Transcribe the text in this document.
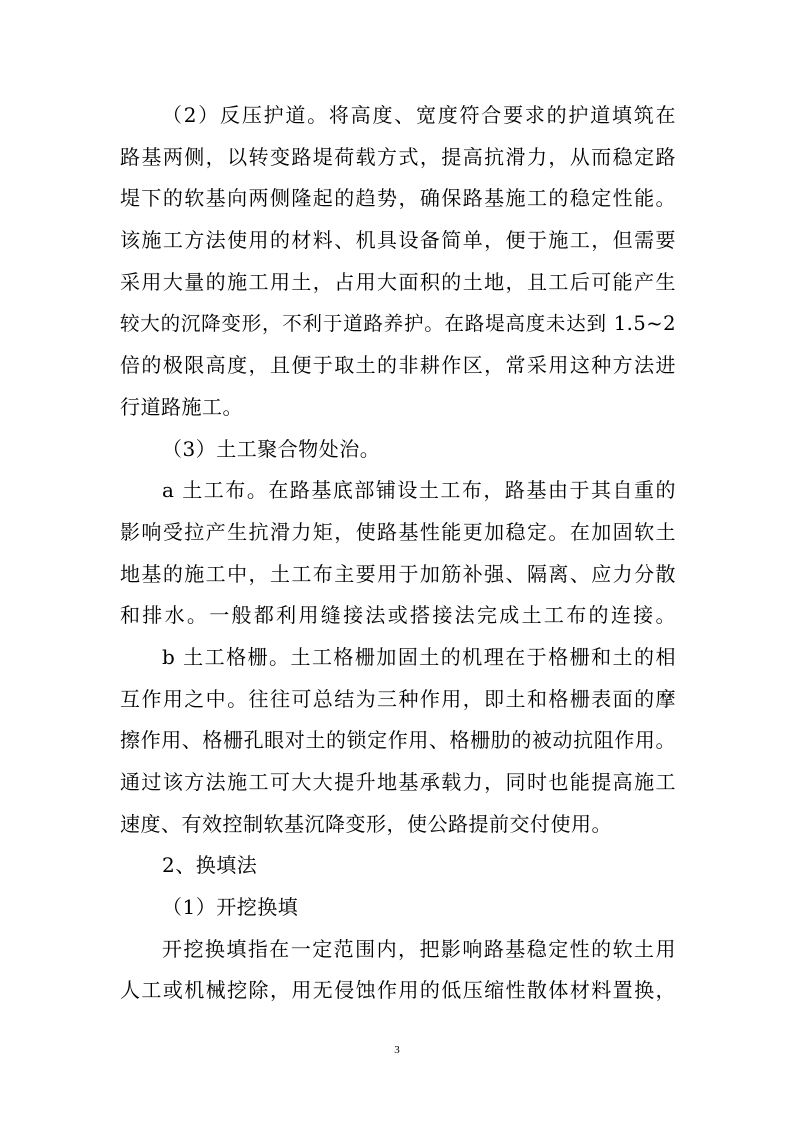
（2）反压护道。将高度、宽度符合要求的护道填筑在
路基两侧，以转变路堤荷载方式，提高抗滑力，从而稳定路
堤下的软基向两侧隆起的趋势，确保路基施工的稳定性能。
该施工方法使用的材料、机具设备简单，便于施工，但需要
采用大量的施工用土，占用大面积的土地，且工后可能产生
较大的沉降变形，不利于道路养护。在路堤高度未达到 1.5~2
倍的极限高度，且便于取土的非耕作区，常采用这种方法进
行道路施工。
（3）土工聚合物处治。
a 土工布。在路基底部铺设土工布，路基由于其自重的
影响受拉产生抗滑力矩，使路基性能更加稳定。在加固软土
地基的施工中，土工布主要用于加筋补强、隔离、应力分散
和排水。一般都利用缝接法或搭接法完成土工布的连接。
b 土工格栅。土工格栅加固土的机理在于格栅和土的相
互作用之中。往往可总结为三种作用，即土和格栅表面的摩
擦作用、格栅孔眼对土的锁定作用、格栅肋的被动抗阻作用。
通过该方法施工可大大提升地基承载力，同时也能提高施工
速度、有效控制软基沉降变形，使公路提前交付使用。
2、换填法
（1）开挖换填
开挖换填指在一定范围内，把影响路基稳定性的软土用
人工或机械挖除，用无侵蚀作用的低压缩性散体材料置换，
3
